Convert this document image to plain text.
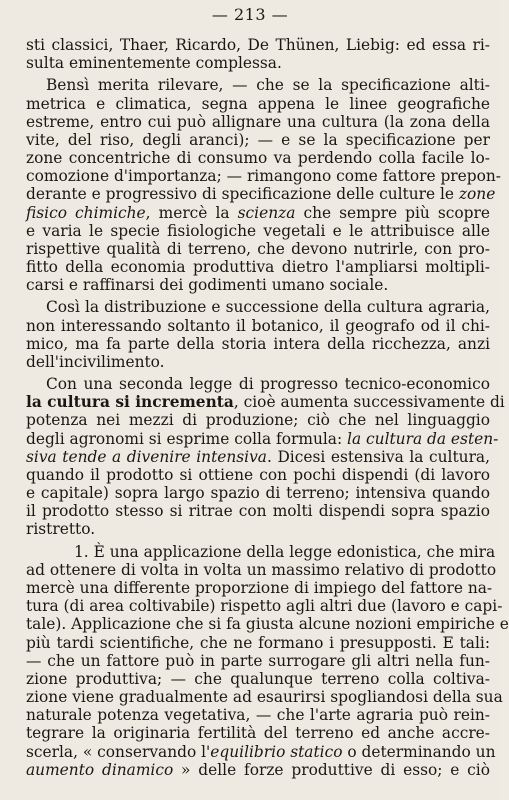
— 213 —
sti classici, Thaer, Ricardo, De Thünen, Liebig: ed essa ri-
sulta eminentemente complessa.
Bensì merita rilevare, — che se la specificazione alti-
metrica e climatica, segna appena le linee geografiche
estreme, entro cui può allignare una cultura (la zona della
vite, del riso, degli aranci); — e se la specificazione per
zone concentriche di consumo va perdendo colla facile lo-
comozione d'importanza; — rimangono come fattore prepon-
derante e progressivo di specificazione delle culture le zone
fisico chimiche, mercè la scienza che sempre più scopre
e varia le specie fisiologiche vegetali e le attribuisce alle
rispettive qualità di terreno, che devono nutrirle, con pro-
fitto della economia produttiva dietro l'ampliarsi moltipli-
carsi e raffinarsi dei godimenti umano sociale.
Così la distribuzione e successione della cultura agraria,
non interessando soltanto il botanico, il geografo od il chi-
mico, ma fa parte della storia intera della ricchezza, anzi
dell'incivilimento.
Con una seconda legge di progresso tecnico-economico
la cultura si incrementa, cioè aumenta successivamente di
potenza nei mezzi di produzione; ciò che nel linguaggio
degli agronomi si esprime colla formula: la cultura da esten-
siva tende a divenire intensiva. Dicesi estensiva la cultura,
quando il prodotto si ottiene con pochi dispendi (di lavoro
e capitale) sopra largo spazio di terreno; intensiva quando
il prodotto stesso si ritrae con molti dispendi sopra spazio
ristretto.
1. È una applicazione della legge edonistica, che mira
ad ottenere di volta in volta un massimo relativo di prodotto
mercè una differente proporzione di impiego del fattore na-
tura (di area coltivabile) rispetto agli altri due (lavoro e capi-
tale). Applicazione che si fa giusta alcune nozioni empiriche e
più tardi scientifiche, che ne formano i presupposti. E tali:
— che un fattore può in parte surrogare gli altri nella fun-
zione produttiva; — che qualunque terreno colla coltiva-
zione viene gradualmente ad esaurirsi spogliandosi della sua
naturale potenza vegetativa, — che l'arte agraria può rein-
tegrare la originaria fertilità del terreno ed anche accre-
scerla, « conservando l'equilibrio statico o determinando un
aumento dinamico » delle forze produttive di esso; e ciò
